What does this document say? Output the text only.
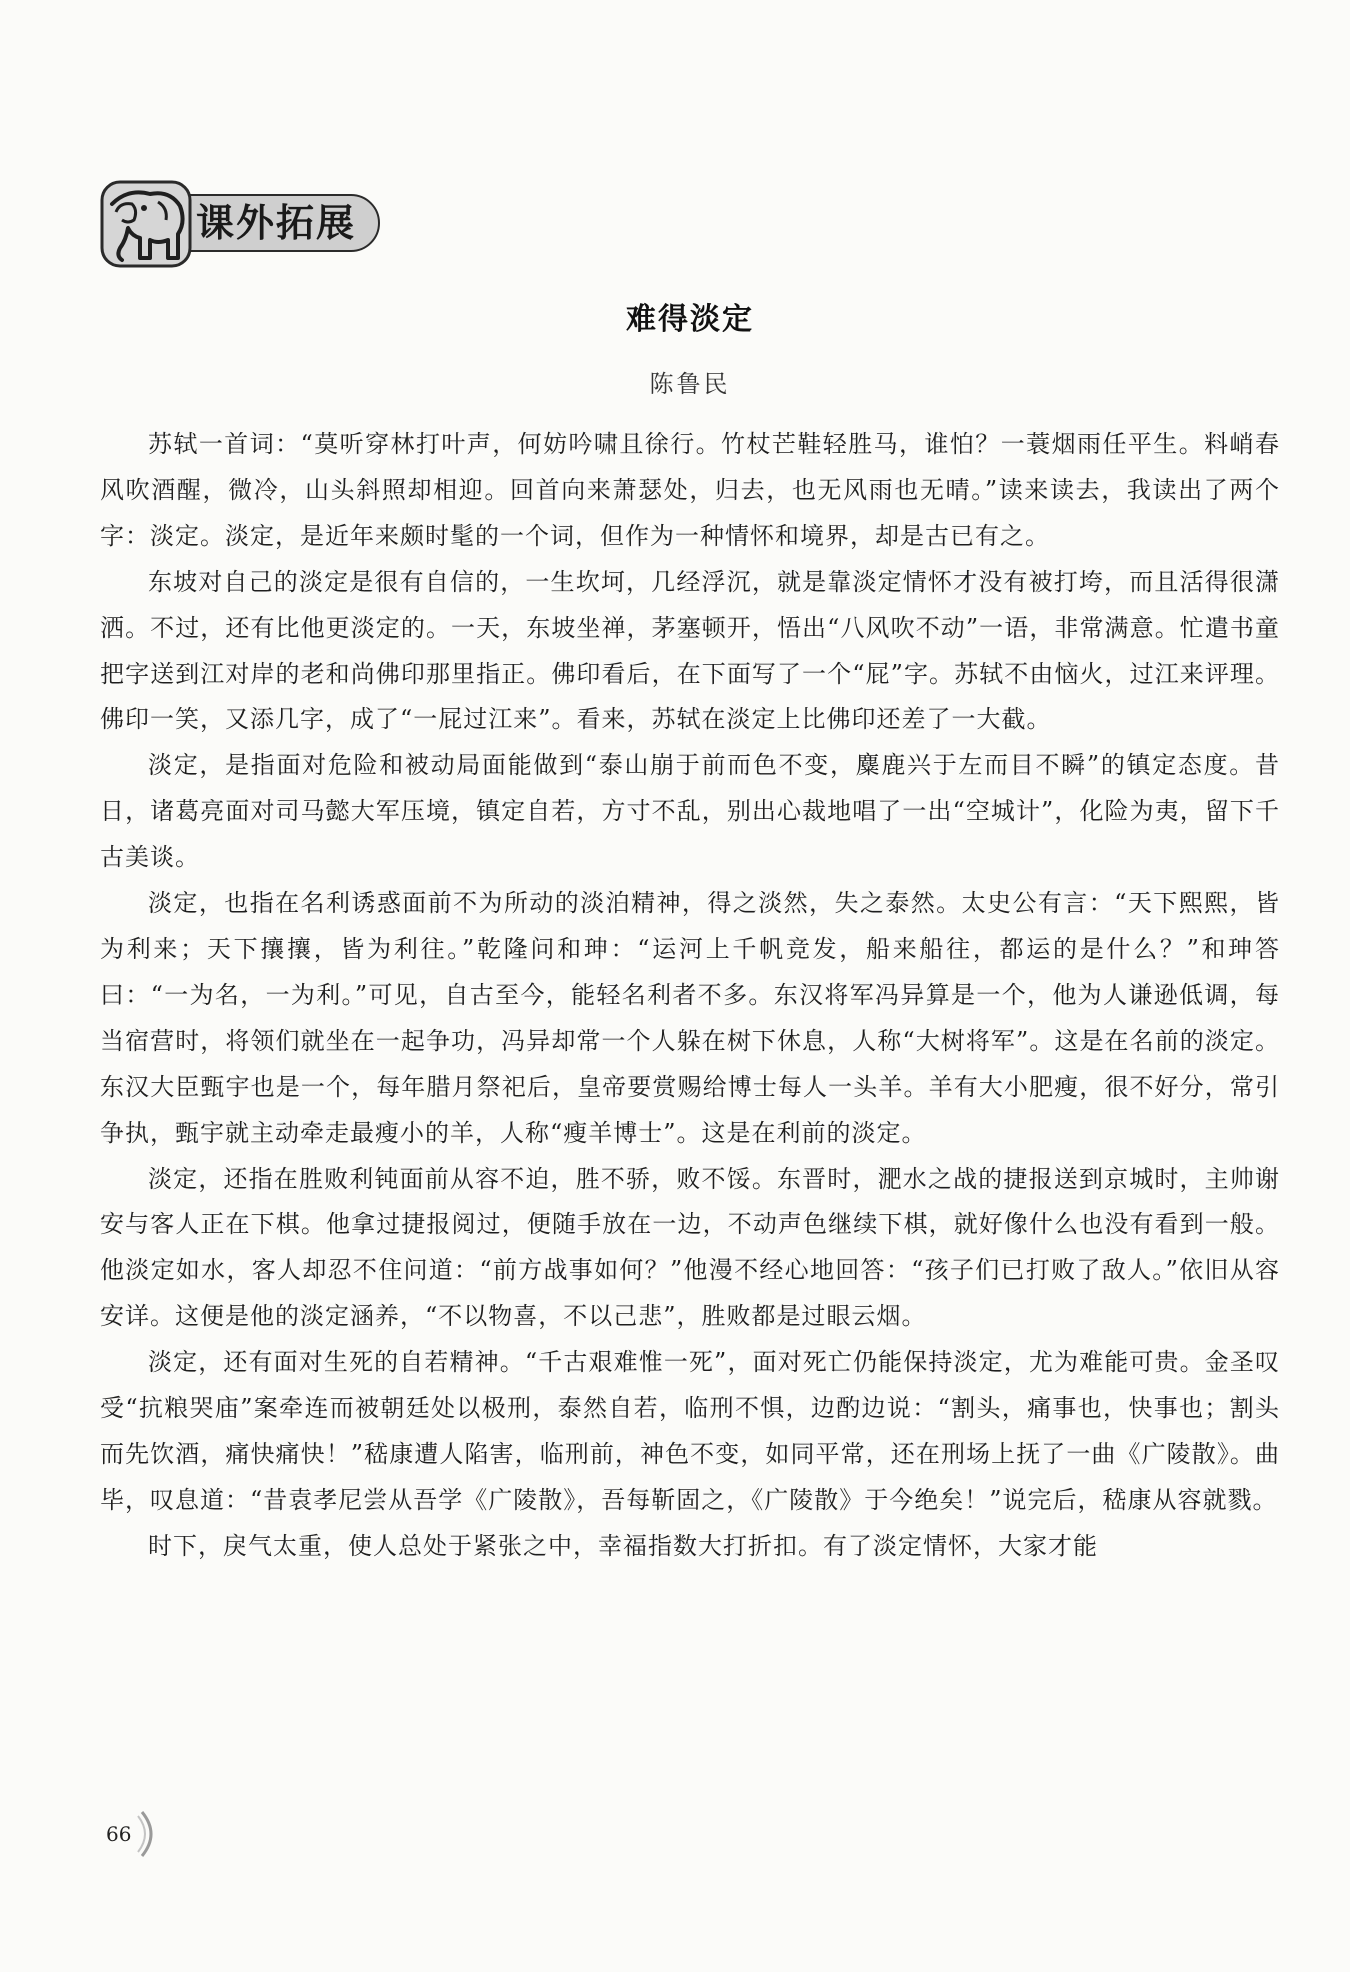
课外拓展
难得淡定
陈鲁民

苏轼一首词：“莫听穿林打叶声，何妨吟啸且徐行。竹杖芒鞋轻胜马，谁怕？一蓑烟雨任平生。料峭春风吹酒醒，微冷，山头斜照却相迎。回首向来萧瑟处，归去，也无风雨也无晴。”读来读去，我读出了两个字：淡定。淡定，是近年来颇时髦的一个词，但作为一种情怀和境界，却是古已有之。

东坡对自己的淡定是很有自信的，一生坎坷，几经浮沉，就是靠淡定情怀才没有被打垮，而且活得很潇洒。不过，还有比他更淡定的。一天，东坡坐禅，茅塞顿开，悟出“八风吹不动”一语，非常满意。忙遣书童把字送到江对岸的老和尚佛印那里指正。佛印看后，在下面写了一个“屁”字。苏轼不由恼火，过江来评理。佛印一笑，又添几字，成了“一屁过江来”。看来，苏轼在淡定上比佛印还差了一大截。

淡定，是指面对危险和被动局面能做到“泰山崩于前而色不变，麋鹿兴于左而目不瞬”的镇定态度。昔日，诸葛亮面对司马懿大军压境，镇定自若，方寸不乱，别出心裁地唱了一出“空城计”，化险为夷，留下千古美谈。

淡定，也指在名利诱惑面前不为所动的淡泊精神，得之淡然，失之泰然。太史公有言：“天下熙熙，皆为利来；天下攘攘，皆为利往。”乾隆问和珅：“运河上千帆竞发，船来船往，都运的是什么？”和珅答曰：“一为名，一为利。”可见，自古至今，能轻名利者不多。东汉将军冯异算是一个，他为人谦逊低调，每当宿营时，将领们就坐在一起争功，冯异却常一个人躲在树下休息，人称“大树将军”。这是在名前的淡定。东汉大臣甄宇也是一个，每年腊月祭祀后，皇帝要赏赐给博士每人一头羊。羊有大小肥瘦，很不好分，常引争执，甄宇就主动牵走最瘦小的羊，人称“瘦羊博士”。这是在利前的淡定。

淡定，还指在胜败利钝面前从容不迫，胜不骄，败不馁。东晋时，淝水之战的捷报送到京城时，主帅谢安与客人正在下棋。他拿过捷报阅过，便随手放在一边，不动声色继续下棋，就好像什么也没有看到一般。他淡定如水，客人却忍不住问道：“前方战事如何？”他漫不经心地回答：“孩子们已打败了敌人。”依旧从容安详。这便是他的淡定涵养，“不以物喜，不以己悲”，胜败都是过眼云烟。

淡定，还有面对生死的自若精神。“千古艰难惟一死”，面对死亡仍能保持淡定，尤为难能可贵。金圣叹受“抗粮哭庙”案牵连而被朝廷处以极刑，泰然自若，临刑不惧，边酌边说：“割头，痛事也，快事也；割头而先饮酒，痛快痛快！”嵇康遭人陷害，临刑前，神色不变，如同平常，还在刑场上抚了一曲《广陵散》。曲毕，叹息道：“昔袁孝尼尝从吾学《广陵散》，吾每靳固之，《广陵散》于今绝矣！”说完后，嵇康从容就戮。

时下，戾气太重，使人总处于紧张之中，幸福指数大打折扣。有了淡定情怀，大家才能

66
